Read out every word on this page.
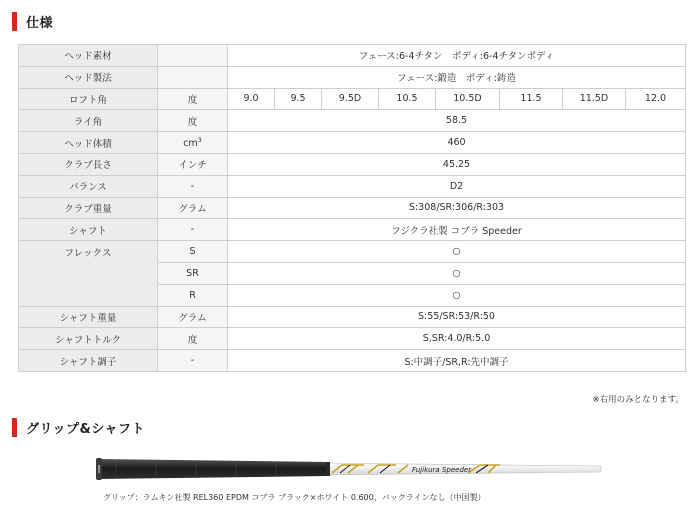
仕様
ヘッド素材		フェース:6-4チタン　ボディ:6-4チタンボディ							
ヘッド製法		フェース:鍛造　ボディ:鋳造							
ロフト角	度	9.0	9.5	9.5D	10.5	10.5D	11.5	11.5D	12.0
ライ角	度	58.5							
ヘッド体積	$cm^3$	460							
クラブ長さ	インチ	45.25							
バランス	-	D2							
クラブ重量	グラム	S:308/SR:306/R:303							
シャフト	-	フジクラ社製 コブラ Speeder							
フレックス	S	○							
	SR	○							
	R	○							
シャフト重量	グラム	S:55/SR:53/R:50							
シャフトトルク	度	S,SR:4.0/R:5.0							
シャフト調子	-	S:中調子/SR,R:先中調子							
※右用のみとなります。
グリップ&シャフト
Fujikura Speeder
グリップ：ラムキン社製 REL360 EPDM コブラ ブラック×ホワイト 0.600、バックラインなし（中国製）
